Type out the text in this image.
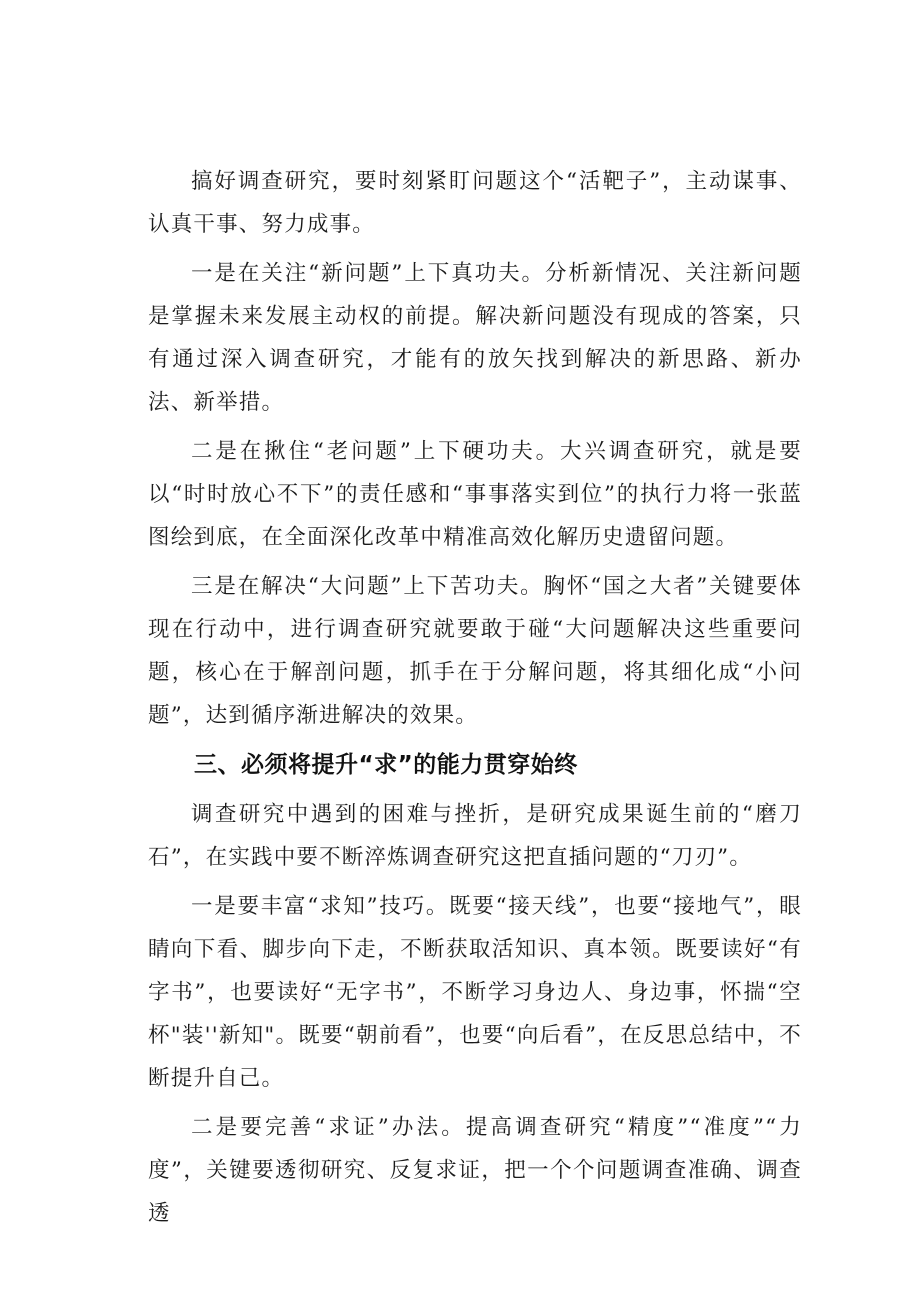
搞好调查研究，要时刻紧盯问题这个“活靶子”，主动谋事、认真干事、努力成事。

一是在关注“新问题”上下真功夫。分析新情况、关注新问题是掌握未来发展主动权的前提。解决新问题没有现成的答案，只有通过深入调查研究，才能有的放矢找到解决的新思路、新办法、新举措。

二是在揪住“老问题”上下硬功夫。大兴调查研究，就是要以“时时放心不下”的责任感和“事事落实到位”的执行力将一张蓝图绘到底，在全面深化改革中精准高效化解历史遗留问题。

三是在解决“大问题”上下苦功夫。胸怀“国之大者”关键要体现在行动中，进行调查研究就要敢于碰“大问题解决这些重要问题，核心在于解剖问题，抓手在于分解问题，将其细化成“小问题”，达到循序渐进解决的效果。

三、必须将提升“求”的能力贯穿始终

调查研究中遇到的困难与挫折，是研究成果诞生前的“磨刀石”，在实践中要不断淬炼调查研究这把直插问题的“刀刃”。

一是要丰富“求知”技巧。既要“接天线”，也要“接地气”，眼睛向下看、脚步向下走，不断获取活知识、真本领。既要读好“有字书”，也要读好“无字书”，不断学习身边人、身边事，怀揣“空杯"装''新知"。既要“朝前看”，也要“向后看”，在反思总结中，不断提升自己。

二是要完善“求证”办法。提高调查研究“精度”“准度”“力度”，关键要透彻研究、反复求证，把一个个问题调查准确、调查透
